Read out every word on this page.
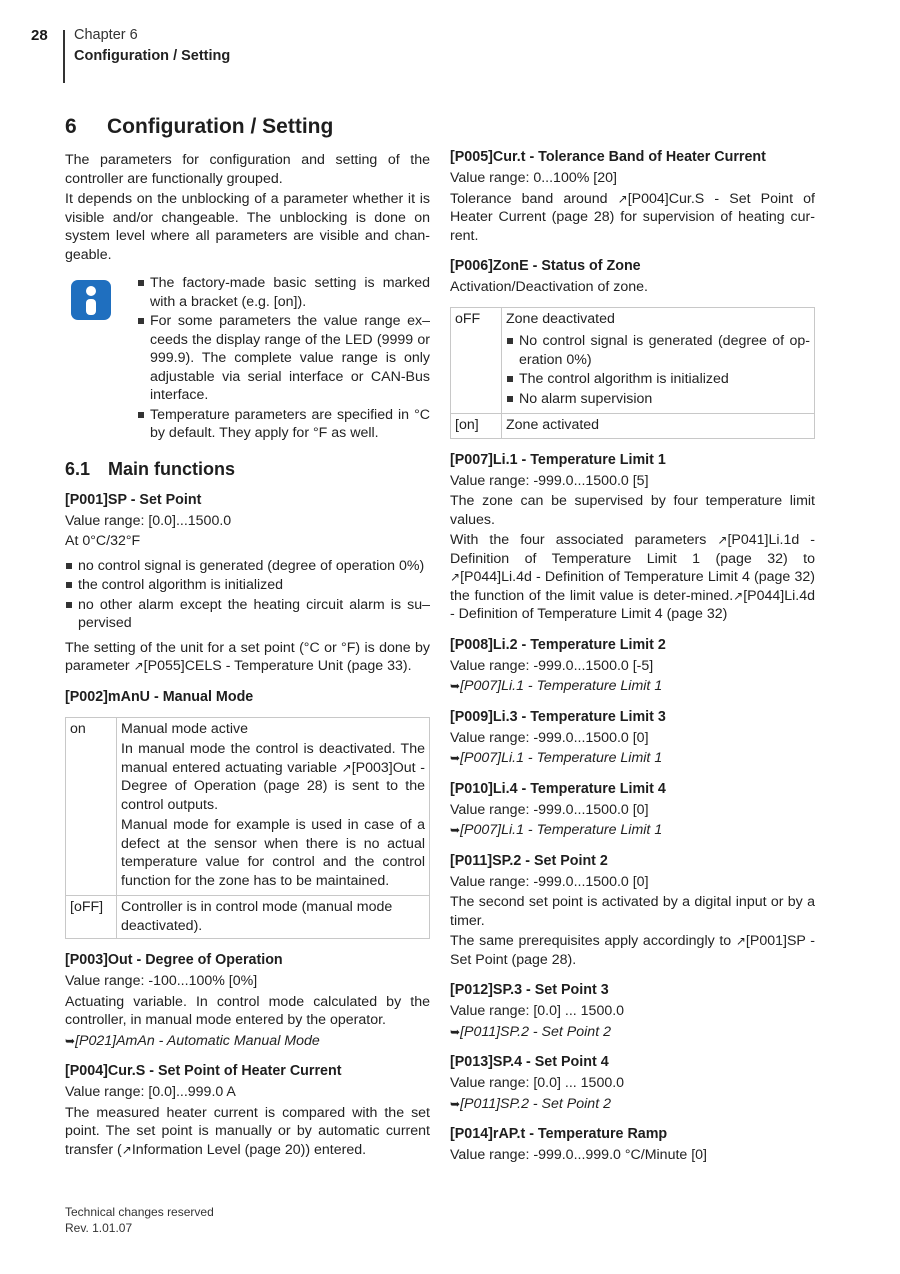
28 Chapter 6
Configuration / Setting
6 Configuration / Setting

The parameters for configuration and setting of the controller are functionally grouped.

It depends on the unblocking of a parameter whether it is visible and/or changeable. The unblocking is done on system level where all parameters are visible and chan-geable.

The factory-made basic setting is marked with a bracket (e.g. [on]).
For some parameters the value range ex–ceeds the display range of the LED (9999 or 999.9). The complete value range is only adjustable via serial interface or CAN-Bus interface.
Temperature parameters are specified in °C by default. They apply for °F as well.
6.1 Main functions
[P001]SP - Set Point

Value range: [0.0]...1500.0

At 0°C/32°F

no control signal is generated (degree of operation 0%)
the control algorithm is initialized
no other alarm except the heating circuit alarm is su–pervised

The setting of the unit for a set point (°C or °F) is done by parameter ↗[P055]CELS - Temperature Unit (page 33).

[P002]mAnU - Manual Mode
on	Manual mode active

In manual mode the control is deactivated. The manual entered actuating variable ↗[P003]Out - Degree of Operation (page 28) is sent to the control outputs.

Manual mode for example is used in case of a defect at the sensor when there is no actual temperature value for control and the control function for the zone has to be maintained.

[oFF]	Controller is in control mode (manual mode deactivated).
[P003]Out - Degree of Operation

Value range: -100...100% [0%]

Actuating variable. In control mode calculated by the controller, in manual mode entered by the operator.

➥[P021]AmAn - Automatic Manual Mode

[P004]Cur.S - Set Point of Heater Current

Value range: [0.0]...999.0 A

The measured heater current is compared with the set point. The set point is manually or by automatic current transfer (↗Information Level (page 20)) entered.

[P005]Cur.t - Tolerance Band of Heater Current

Value range: 0...100% [20]

Tolerance band around ↗[P004]Cur.S - Set Point of Heater Current (page 28) for supervision of heating cur-rent.

[P006]ZonE - Status of Zone

Activation/Deactivation of zone.

oFF	Zone deactivated

No control signal is generated (degree of op-eration 0%)
The control algorithm is initialized
No alarm supervision

[on]	Zone activated
[P007]Li.1 - Temperature Limit 1

Value range: -999.0...1500.0 [5]

The zone can be supervised by four temperature limit values.

With the four associated parameters ↗[P041]Li.1d - Definition of Temperature Limit 1 (page 32) to ↗[P044]Li.4d - Definition of Temperature Limit 4 (page 32) the function of the limit value is deter-mined.↗[P044]Li.4d - Definition of Temperature Limit 4 (page 32)

[P008]Li.2 - Temperature Limit 2

Value range: -999.0...1500.0 [-5]

➥[P007]Li.1 - Temperature Limit 1

[P009]Li.3 - Temperature Limit 3

Value range: -999.0...1500.0 [0]

➥[P007]Li.1 - Temperature Limit 1

[P010]Li.4 - Temperature Limit 4

Value range: -999.0...1500.0 [0]

➥[P007]Li.1 - Temperature Limit 1

[P011]SP.2 - Set Point 2

Value range: -999.0...1500.0 [0]

The second set point is activated by a digital input or by a timer.

The same prerequisites apply accordingly to ↗[P001]SP - Set Point (page 28).

[P012]SP.3 - Set Point 3

Value range: [0.0] ... 1500.0

➥[P011]SP.2 - Set Point 2

[P013]SP.4 - Set Point 4

Value range: [0.0] ... 1500.0

➥[P011]SP.2 - Set Point 2

[P014]rAP.t - Temperature Ramp

Value range: -999.0...999.0 °C/Minute [0]

Technical changes reserved
Rev. 1.01.07
